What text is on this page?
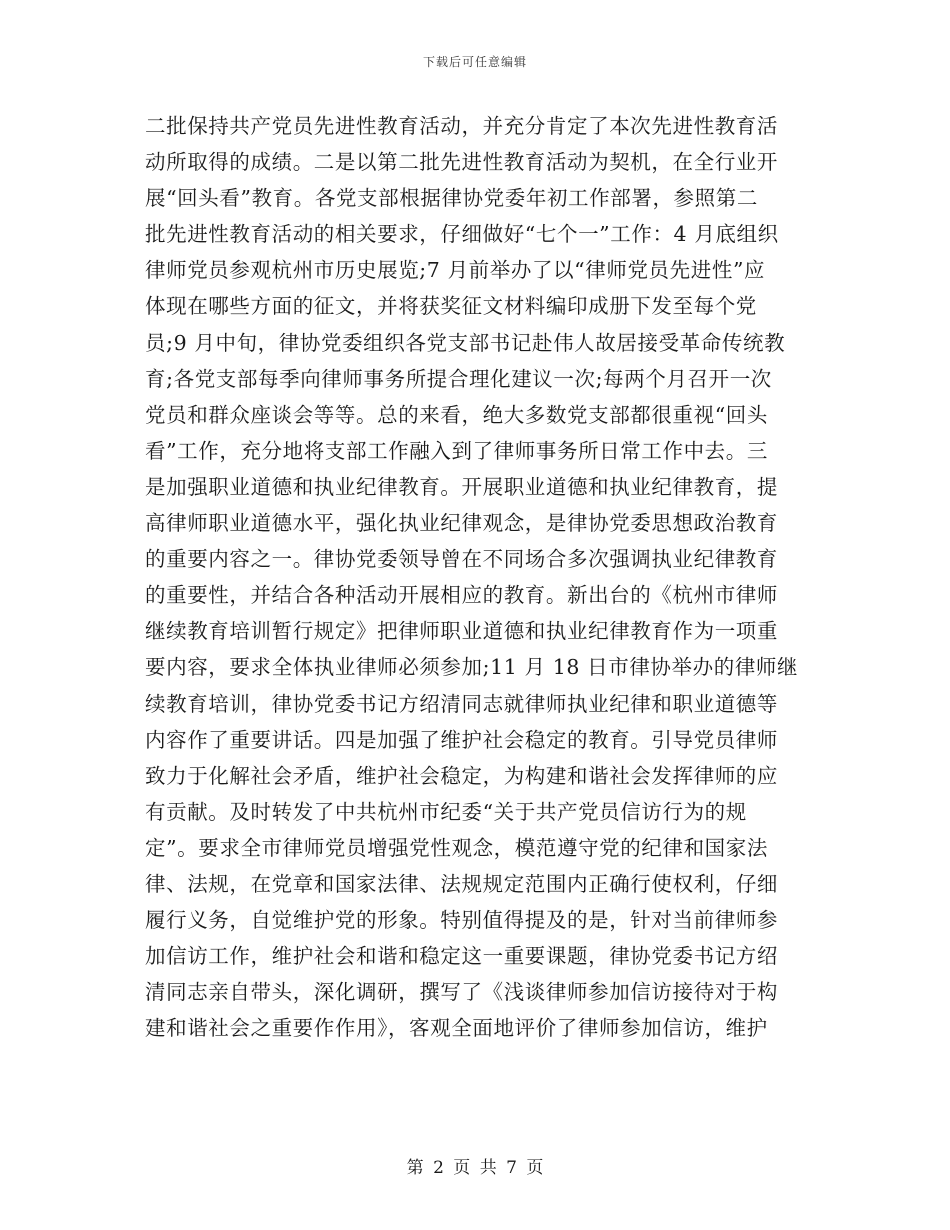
下载后可任意编辑
二批保持共产党员先进性教育活动，并充分肯定了本次先进性教育活
动所取得的成绩。二是以第二批先进性教育活动为契机，在全行业开
展“回头看”教育。各党支部根据律协党委年初工作部署，参照第二
批先进性教育活动的相关要求，仔细做好“七个一”工作：4 月底组织
律师党员参观杭州市历史展览;7 月前举办了以“律师党员先进性”应
体现在哪些方面的征文，并将获奖征文材料编印成册下发至每个党
员;9 月中旬，律协党委组织各党支部书记赴伟人故居接受革命传统教
育;各党支部每季向律师事务所提合理化建议一次;每两个月召开一次
党员和群众座谈会等等。总的来看，绝大多数党支部都很重视“回头
看”工作，充分地将支部工作融入到了律师事务所日常工作中去。三
是加强职业道德和执业纪律教育。开展职业道德和执业纪律教育，提
高律师职业道德水平，强化执业纪律观念，是律协党委思想政治教育
的重要内容之一。律协党委领导曾在不同场合多次强调执业纪律教育
的重要性，并结合各种活动开展相应的教育。新出台的《杭州市律师
继续教育培训暂行规定》把律师职业道德和执业纪律教育作为一项重
要内容，要求全体执业律师必须参加;11 月 18 日市律协举办的律师继
续教育培训，律协党委书记方绍清同志就律师执业纪律和职业道德等
内容作了重要讲话。四是加强了维护社会稳定的教育。引导党员律师
致力于化解社会矛盾，维护社会稳定，为构建和谐社会发挥律师的应
有贡献。及时转发了中共杭州市纪委“关于共产党员信访行为的规
定”。要求全市律师党员增强党性观念，模范遵守党的纪律和国家法
律、法规，在党章和国家法律、法规规定范围内正确行使权利，仔细
履行义务，自觉维护党的形象。特别值得提及的是，针对当前律师参
加信访工作，维护社会和谐和稳定这一重要课题，律协党委书记方绍
清同志亲自带头，深化调研，撰写了《浅谈律师参加信访接待对于构
建和谐社会之重要作作用》，客观全面地评价了律师参加信访，维护
第 2 页 共 7 页
